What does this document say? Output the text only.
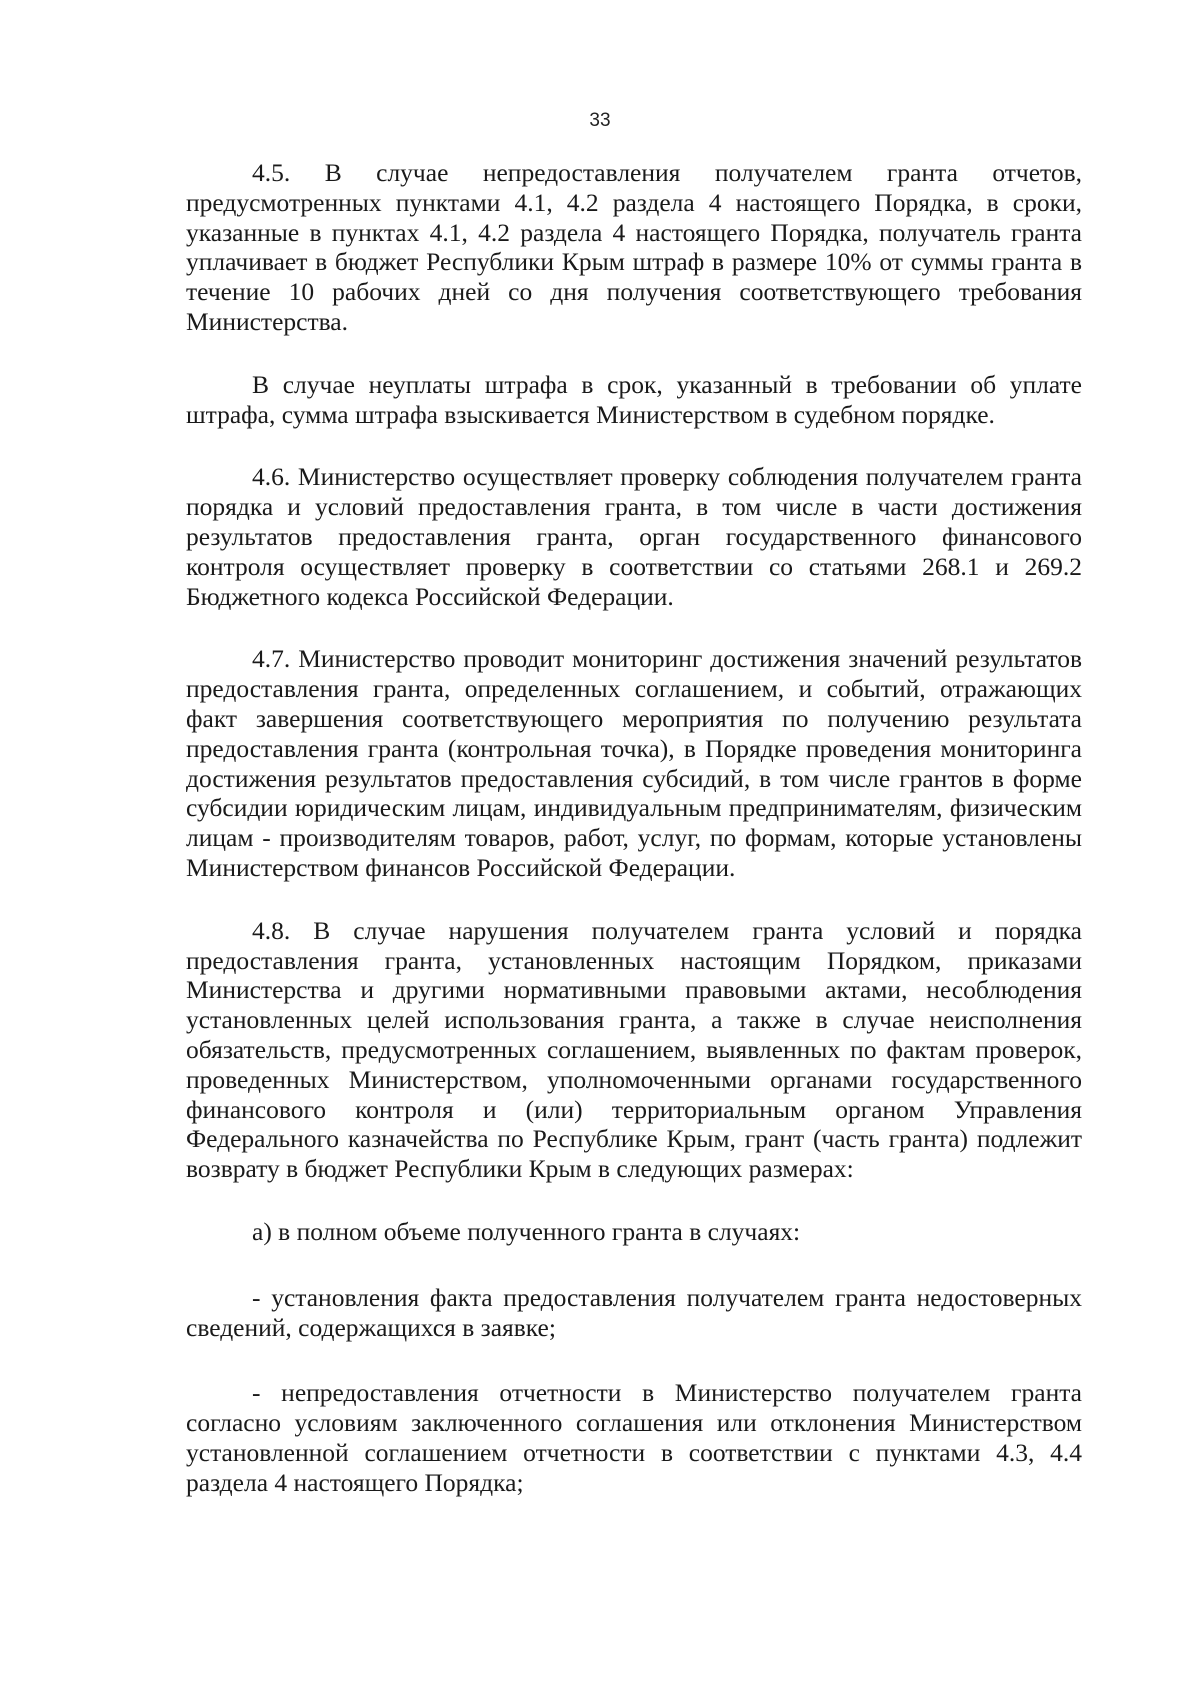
33

4.5. В случае непредоставления получателем гранта отчетов, предусмотренных пунктами 4.1, 4.2 раздела 4 настоящего Порядка, в сроки, указанные в пунктах 4.1, 4.2 раздела 4 настоящего Порядка, получатель гранта уплачивает в бюджет Республики Крым штраф в размере 10% от суммы гранта в течение 10 рабочих дней со дня получения соответствующего требования Министерства.

В случае неуплаты штрафа в срок, указанный в требовании об уплате штрафа, сумма штрафа взыскивается Министерством в судебном порядке.

4.6. Министерство осуществляет проверку соблюдения получателем гранта порядка и условий предоставления гранта, в том числе в части достижения результатов предоставления гранта, орган государственного финансового контроля осуществляет проверку в соответствии со статьями 268.1 и 269.2 Бюджетного кодекса Российской Федерации.

4.7. Министерство проводит мониторинг достижения значений результатов предоставления гранта, определенных соглашением, и событий, отражающих факт завершения соответствующего мероприятия по получению результата предоставления гранта (контрольная точка), в Порядке проведения мониторинга достижения результатов предоставления субсидий, в том числе грантов в форме субсидии юридическим лицам, индивидуальным предпринимателям, физическим лицам - производителям товаров, работ, услуг, по формам, которые установлены Министерством финансов Российской Федерации.

4.8. В случае нарушения получателем гранта условий и порядка предоставления гранта, установленных настоящим Порядком, приказами Министерства и другими нормативными правовыми актами, несоблюдения установленных целей использования гранта, а также в случае неисполнения обязательств, предусмотренных соглашением, выявленных по фактам проверок, проведенных Министерством, уполномоченными органами государственного финансового контроля и (или) территориальным органом Управления Федерального казначейства по Республике Крым, грант (часть гранта) подлежит возврату в бюджет Республики Крым в следующих размерах:

а) в полном объеме полученного гранта в случаях:

- установления факта предоставления получателем гранта недостоверных сведений, содержащихся в заявке;

- непредоставления отчетности в Министерство получателем гранта согласно условиям заключенного соглашения или отклонения Министерством установленной соглашением отчетности в соответствии с пунктами 4.3, 4.4 раздела 4 настоящего Порядка;
